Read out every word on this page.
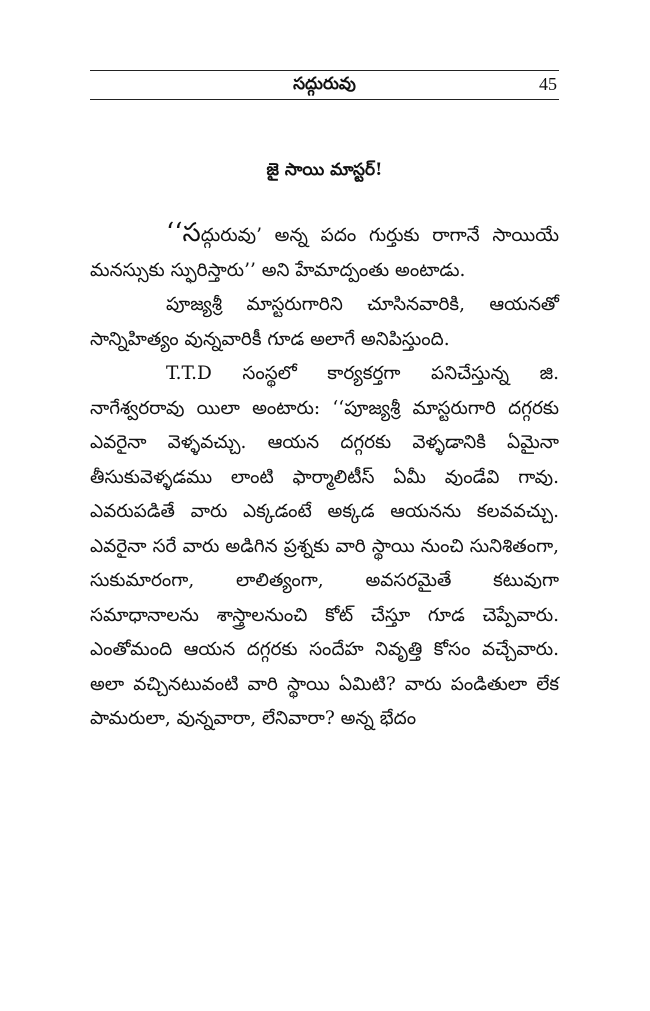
సద్గురువు	45
జై సాయి మాస్టర్!

‘‘సద్గురువు’ అన్న పదం గుర్తుకు రాగానే సాయియే మనస్సుకు స్ఫురిస్తారు’’ అని హేమాద్పంతు అంటాడు.

పూజ్యశ్రీ మాస్టరుగారిని చూసినవారికి, ఆయనతో సాన్నిహిత్యం వున్నవారికీ గూడ అలాగే అనిపిస్తుంది.

T.T.D సంస్థలో కార్యకర్తగా పనిచేస్తున్న జి. నాగేశ్వరరావు యిలా అంటారు: ‘‘పూజ్యశ్రీ మాస్టరుగారి దగ్గరకు ఎవరైనా వెళ్ళవచ్చు. ఆయన దగ్గరకు వెళ్ళడానికి ఏమైనా తీసుకువెళ్ళడము లాంటి ఫార్మాలిటీస్ ఏమీ వుండేవి గావు. ఎవరుపడితే వారు ఎక్కడంటే అక్కడ ఆయనను కలవవచ్చు. ఎవరైనా సరే వారు అడిగిన ప్రశ్నకు వారి స్థాయి నుంచి సునిశితంగా, సుకుమారంగా, లాలిత్యంగా, అవసరమైతే కటువుగా సమాధానాలను శాస్త్రాలనుంచి కోట్ చేస్తూ గూడ చెప్పేవారు. ఎంతోమంది ఆయన దగ్గరకు సందేహ నివృత్తి కోసం వచ్చేవారు. అలా వచ్చినటువంటి వారి స్థాయి ఏమిటి? వారు పండితులా లేక పామరులా, వున్నవారా, లేనివారా? అన్న భేదం
